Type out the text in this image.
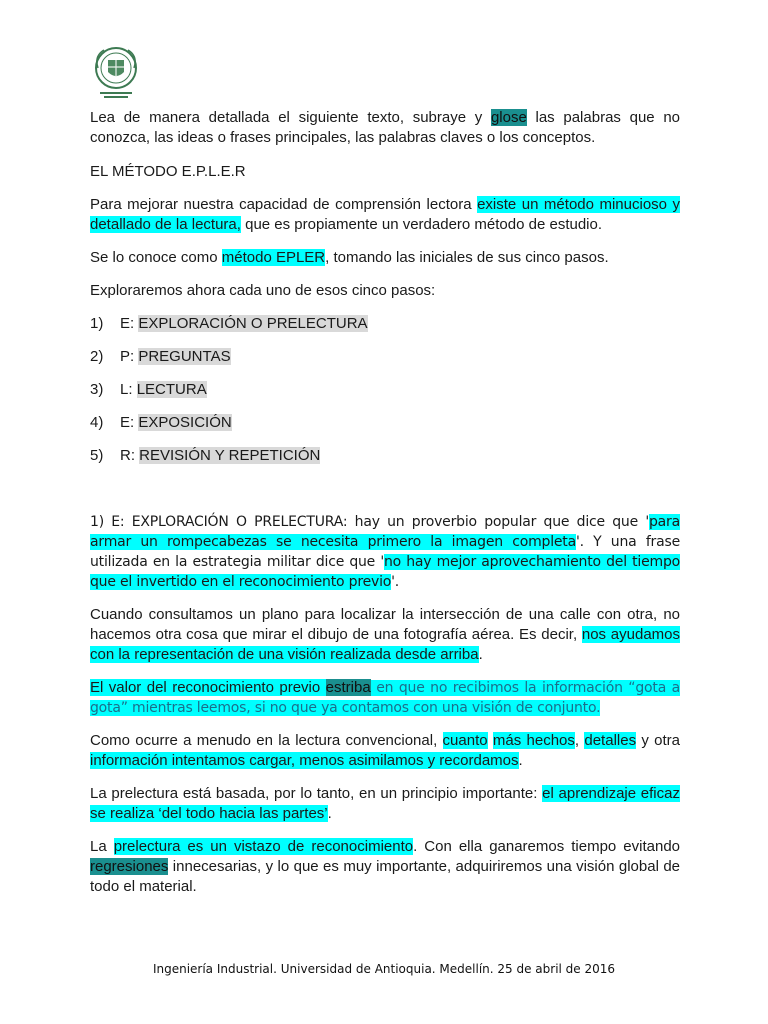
Lea de manera detallada el siguiente texto, subraye y glose las palabras que no conozca, las ideas o frases principales, las palabras claves o los conceptos.

EL MÉTODO E.P.L.E.R

Para mejorar nuestra capacidad de comprensión lectora existe un método minucioso y detallado de la lectura, que es propiamente un verdadero método de estudio.

Se lo conoce como método EPLER, tomando las iniciales de sus cinco pasos.

Exploraremos ahora cada uno de esos cinco pasos:

1) E: EXPLORACIÓN O PRELECTURA

2) P: PREGUNTAS

3) L: LECTURA

4) E: EXPOSICIÓN

5) R: REVISIÓN Y REPETICIÓN

1) E: EXPLORACIÓN O PRELECTURA: hay un proverbio popular que dice que 'para armar un rompecabezas se necesita primero la imagen completa'. Y una frase utilizada en la estrategia militar dice que 'no hay mejor aprovechamiento del tiempo que el invertido en el reconocimiento previo'.

Cuando consultamos un plano para localizar la intersección de una calle con otra, no hacemos otra cosa que mirar el dibujo de una fotografía aérea. Es decir, nos ayudamos con la representación de una visión realizada desde arriba.

El valor del reconocimiento previo estriba en que no recibimos la información “gota a gota” mientras leemos, si no que ya contamos con una visión de conjunto.

Como ocurre a menudo en la lectura convencional, cuanto más hechos, detalles y otra información intentamos cargar, menos asimilamos y recordamos.

La prelectura está basada, por lo tanto, en un principio importante: el aprendizaje eficaz se realiza ‘del todo hacia las partes’.

La prelectura es un vistazo de reconocimiento. Con ella ganaremos tiempo evitando regresiones innecesarias, y lo que es muy importante, adquiriremos una visión global de todo el material.

Ingeniería Industrial. Universidad de Antioquia. Medellín. 25 de abril de 2016
